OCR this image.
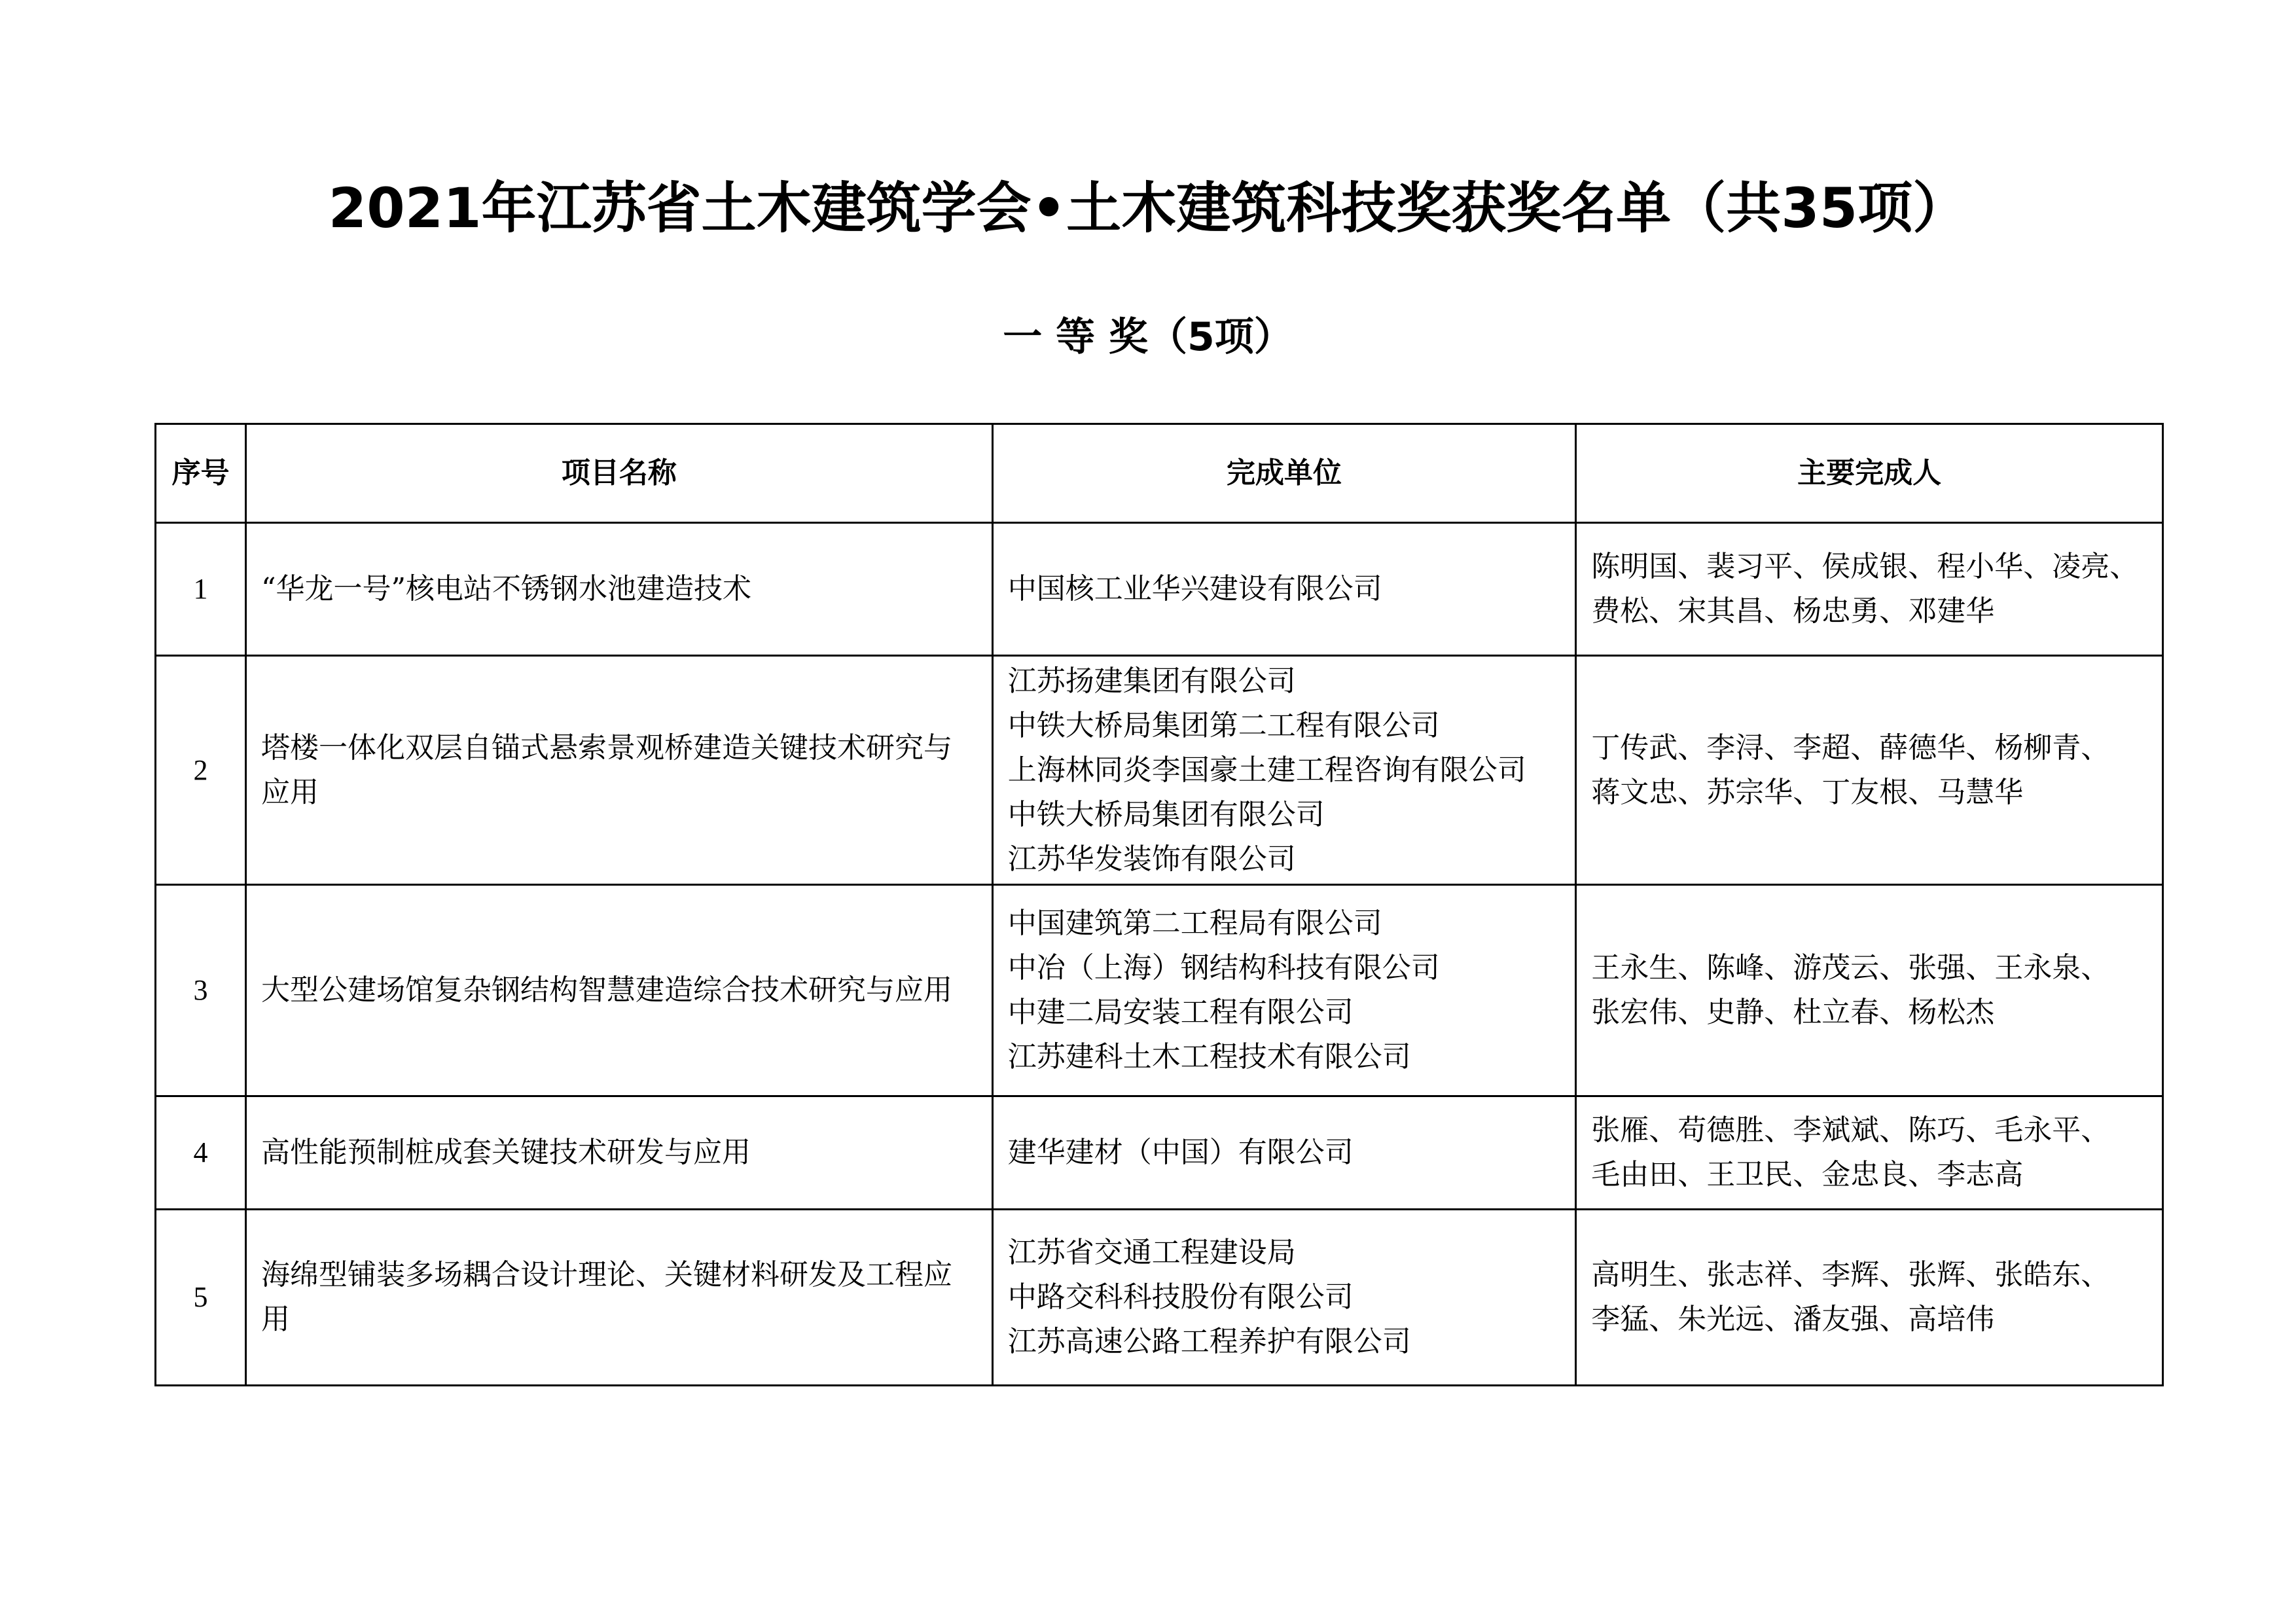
2021年江苏省土木建筑学会•土木建筑科技奖获奖名单（共35项）
一 等 奖（5项）
序号	项目名称	完成单位	主要完成人
1	“华龙一号”核电站不锈钢水池建造技术	中国核工业华兴建设有限公司	陈明国、裴习平、侯成银、程小华、凌亮、
费松、宋其昌、杨忠勇、邓建华

2	塔楼一体化双层自锚式悬索景观桥建造关键技术研究与应用	江苏扬建集团有限公司
中铁大桥局集团第二工程有限公司
上海林同炎李国豪土建工程咨询有限公司
中铁大桥局集团有限公司
江苏华发装饰有限公司	丁传武、李浔、李超、薛德华、杨柳青、
蒋文忠、苏宗华、丁友根、马慧华

3	大型公建场馆复杂钢结构智慧建造综合技术研究与应用	中国建筑第二工程局有限公司
中冶（上海）钢结构科技有限公司
中建二局安装工程有限公司
江苏建科土木工程技术有限公司	王永生、陈峰、游茂云、张强、王永泉、
张宏伟、史静、杜立春、杨松杰

4	高性能预制桩成套关键技术研发与应用	建华建材（中国）有限公司	张雁、苟德胜、李斌斌、陈巧、毛永平、
毛由田、王卫民、金忠良、李志高

5	海绵型铺装多场耦合设计理论、关键材料研发及工程应用	江苏省交通工程建设局
中路交科科技股份有限公司
江苏高速公路工程养护有限公司	高明生、张志祥、李辉、张辉、张皓东、
李猛、朱光远、潘友强、高培伟
